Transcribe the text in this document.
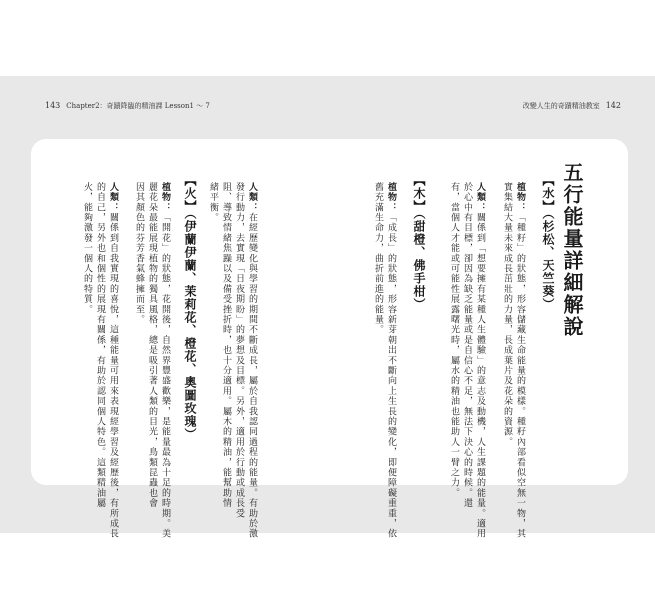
143 Chapter2：奇蹟降臨的精油課 Lesson1 ～ 7	改變人生的奇蹟精油教室 142
五行能量詳細解說
【水】（杉松、天竺葵）

植物：「種籽」的狀態，形容儲藏生命能量的模樣。種籽內部看似空無一物，其
實集結大量未來成長茁壯的力量，長成葉片及花朵的資源。

人類：關係到「想要擁有某種人生體驗」的意志及動機，人生課題的能量。適用
於心中有目標，卻因為缺乏能量或是自信心不足，無法下決心的時候。還
有，當個人才能或可能性展露曙光時，屬水的精油也能助人一臂之力。

【木】（甜橙、佛手柑）

植物：「成長」的狀態，形容新芽朝出不斷向上生長的變化，即便障礙重重，依
舊充滿生命力，曲折前進的能量。

人類：在經歷變化與學習的期間不斷成長，屬於自我認同過程的能量。有助於激
發行動力，去實現「日夜期盼」的夢想及目標。另外，適用於行動或成長受
阻、導致情緒焦躁以及備受挫折時，也十分適用。屬木的精油，能幫助情
緒平衡。

【火】（伊蘭伊蘭、茉莉花、橙花、奧圖玫瑰）

植物：「開花」的狀態，花開後，自然界豐盛歡樂，是能量最為十足的時期。美
麗花朵最能展現植物的獨具風格，總是吸引著人類的目光，鳥類昆蟲也會
因其顏色的芬芳香氣蜂擁而至。

人類：關係到自我實現的喜悅，這種能量可用來表現經學習及經歷後，有所成長
的自己，另外也和個性的展現有關係，有助於認同個人特色。這類精油屬
火，能夠激發一個人的特質。
